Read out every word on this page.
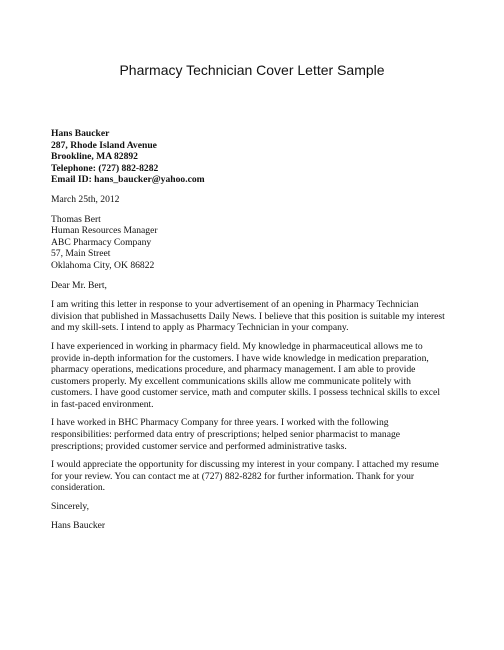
Pharmacy Technician Cover Letter Sample
Hans Baucker
287, Rhode Island Avenue
Brookline, MA 82892
Telephone: (727) 882-8282
Email ID: hans_baucker@yahoo.com

March 25th, 2012

Thomas Bert
Human Resources Manager
ABC Pharmacy Company
57, Main Street
Oklahoma City, OK 86822

Dear Mr. Bert,

I am writing this letter in response to your advertisement of an opening in Pharmacy Technician
division that published in Massachusetts Daily News. I believe that this position is suitable my interest
and my skill-sets. I intend to apply as Pharmacy Technician in your company.
I have experienced in working in pharmacy field. My knowledge in pharmaceutical allows me to
provide in-depth information for the customers. I have wide knowledge in medication preparation,
pharmacy operations, medications procedure, and pharmacy management. I am able to provide
customers properly. My excellent communications skills allow me communicate politely with
customers. I have good customer service, math and computer skills. I possess technical skills to excel
in fast-paced environment.
I have worked in BHC Pharmacy Company for three years. I worked with the following
responsibilities: performed data entry of prescriptions; helped senior pharmacist to manage
prescriptions; provided customer service and performed administrative tasks.
I would appreciate the opportunity for discussing my interest in your company. I attached my resume
for your review. You can contact me at (727) 882-8282 for further information. Thank for your
consideration.

Sincerely,

Hans Baucker
